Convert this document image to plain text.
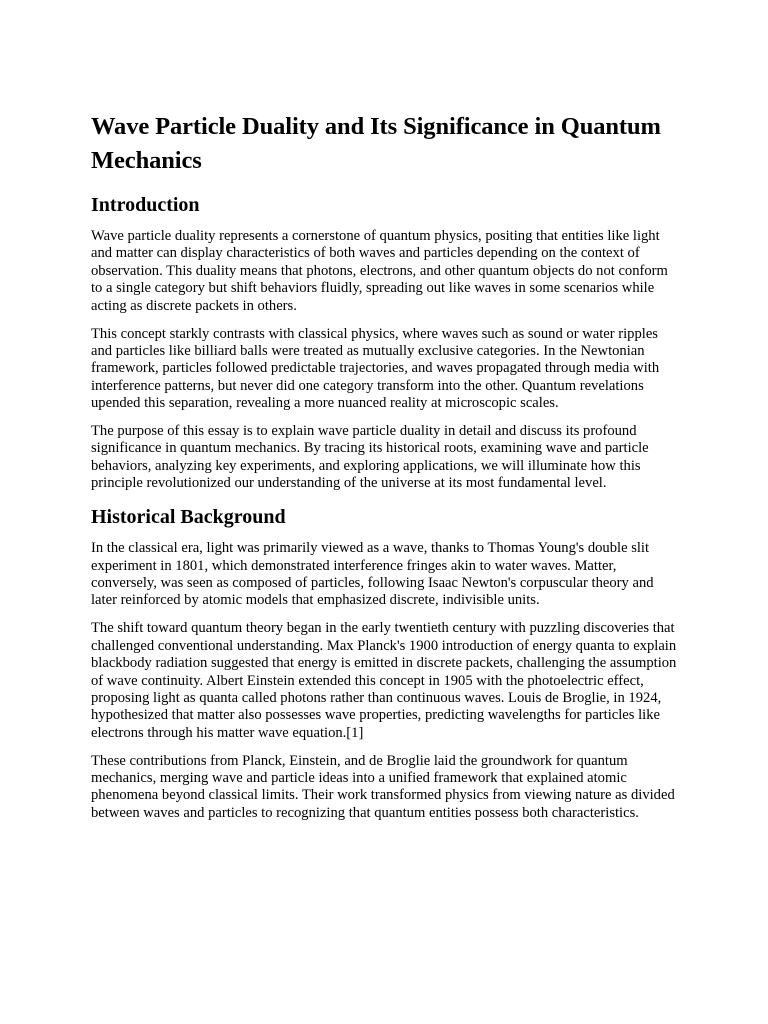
Wave Particle Duality and Its Significance in Quantum Mechanics
Introduction

Wave particle duality represents a cornerstone of quantum physics, positing that entities like light and matter can display characteristics of both waves and particles depending on the context of observation. This duality means that photons, electrons, and other quantum objects do not conform to a single category but shift behaviors fluidly, spreading out like waves in some scenarios while acting as discrete packets in others.

This concept starkly contrasts with classical physics, where waves such as sound or water ripples and particles like billiard balls were treated as mutually exclusive categories. In the Newtonian framework, particles followed predictable trajectories, and waves propagated through media with interference patterns, but never did one category transform into the other. Quantum revelations upended this separation, revealing a more nuanced reality at microscopic scales.

The purpose of this essay is to explain wave particle duality in detail and discuss its profound significance in quantum mechanics. By tracing its historical roots, examining wave and particle behaviors, analyzing key experiments, and exploring applications, we will illuminate how this principle revolutionized our understanding of the universe at its most fundamental level.

Historical Background

In the classical era, light was primarily viewed as a wave, thanks to Thomas Young's double slit experiment in 1801, which demonstrated interference fringes akin to water waves. Matter, conversely, was seen as composed of particles, following Isaac Newton's corpuscular theory and later reinforced by atomic models that emphasized discrete, indivisible units.

The shift toward quantum theory began in the early twentieth century with puzzling discoveries that challenged conventional understanding. Max Planck's 1900 introduction of energy quanta to explain blackbody radiation suggested that energy is emitted in discrete packets, challenging the assumption of wave continuity. Albert Einstein extended this concept in 1905 with the photoelectric effect, proposing light as quanta called photons rather than continuous waves. Louis de Broglie, in 1924, hypothesized that matter also possesses wave properties, predicting wavelengths for particles like electrons through his matter wave equation.[1]

These contributions from Planck, Einstein, and de Broglie laid the groundwork for quantum mechanics, merging wave and particle ideas into a unified framework that explained atomic phenomena beyond classical limits. Their work transformed physics from viewing nature as divided between waves and particles to recognizing that quantum entities possess both characteristics.
